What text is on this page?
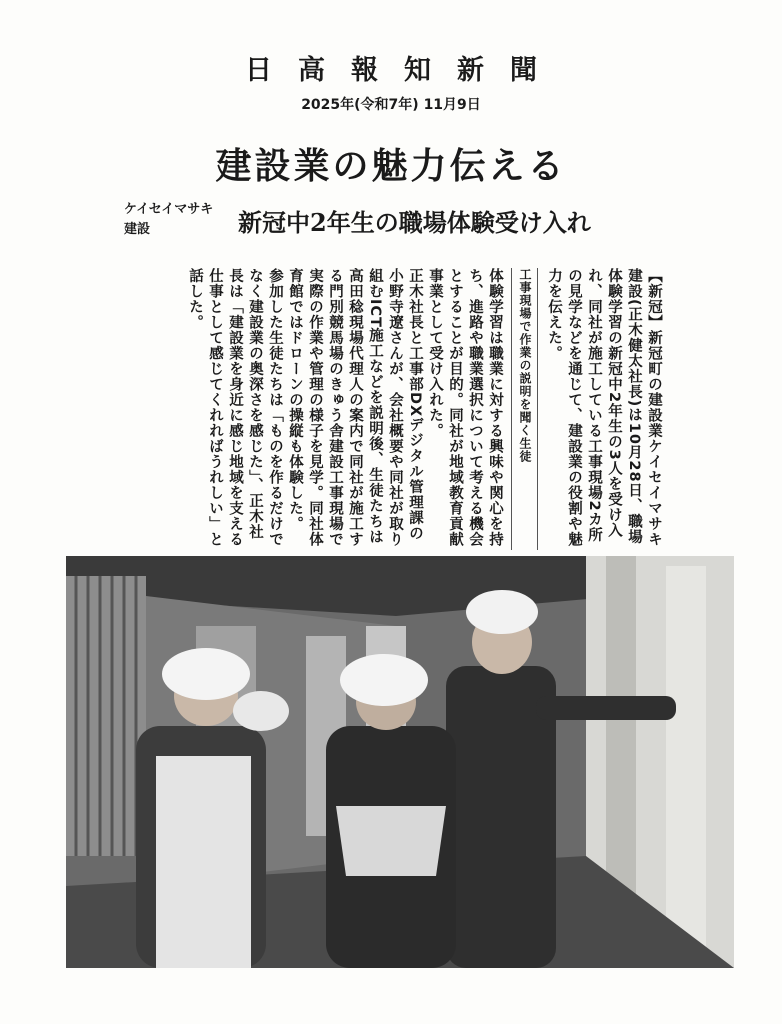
日高報知新聞
2025年(令和7年) 11月9日
建設業の魅力伝える
ケイセイマサキ
建設	新冠中2年生の職場体験受け入れ

【新冠】新冠町の建設業ケイセイマサキ建設(正木健太社長)は10月28日、職場体験学習の新冠中2年生の3人を受け入れ、同社が施工している工事現場2カ所の見学などを通じて、建設業の役割や魅力を伝えた。

工事現場で作業の説明を聞く生徒

体験学習は職業に対する興味や関心を持ち、進路や職業選択について考える機会とすることが目的。同社が地域教育貢献事業として受け入れた。

正木社長と工事部DXデジタル管理課の小野寺遼さんが、会社概要や同社が取り組むICT施工などを説明後、生徒たちは高田稔現場代理人の案内で同社が施工する門別競馬場のきゅう舎建設工事現場で実際の作業や管理の様子を見学。同社体育館ではドローンの操縦も体験した。

参加した生徒たちは「ものを作るだけでなく建設業の奥深さを感じた」、正木社長は「建設業を身近に感じ地域を支える仕事として感じてくれればうれしい」と話した。
